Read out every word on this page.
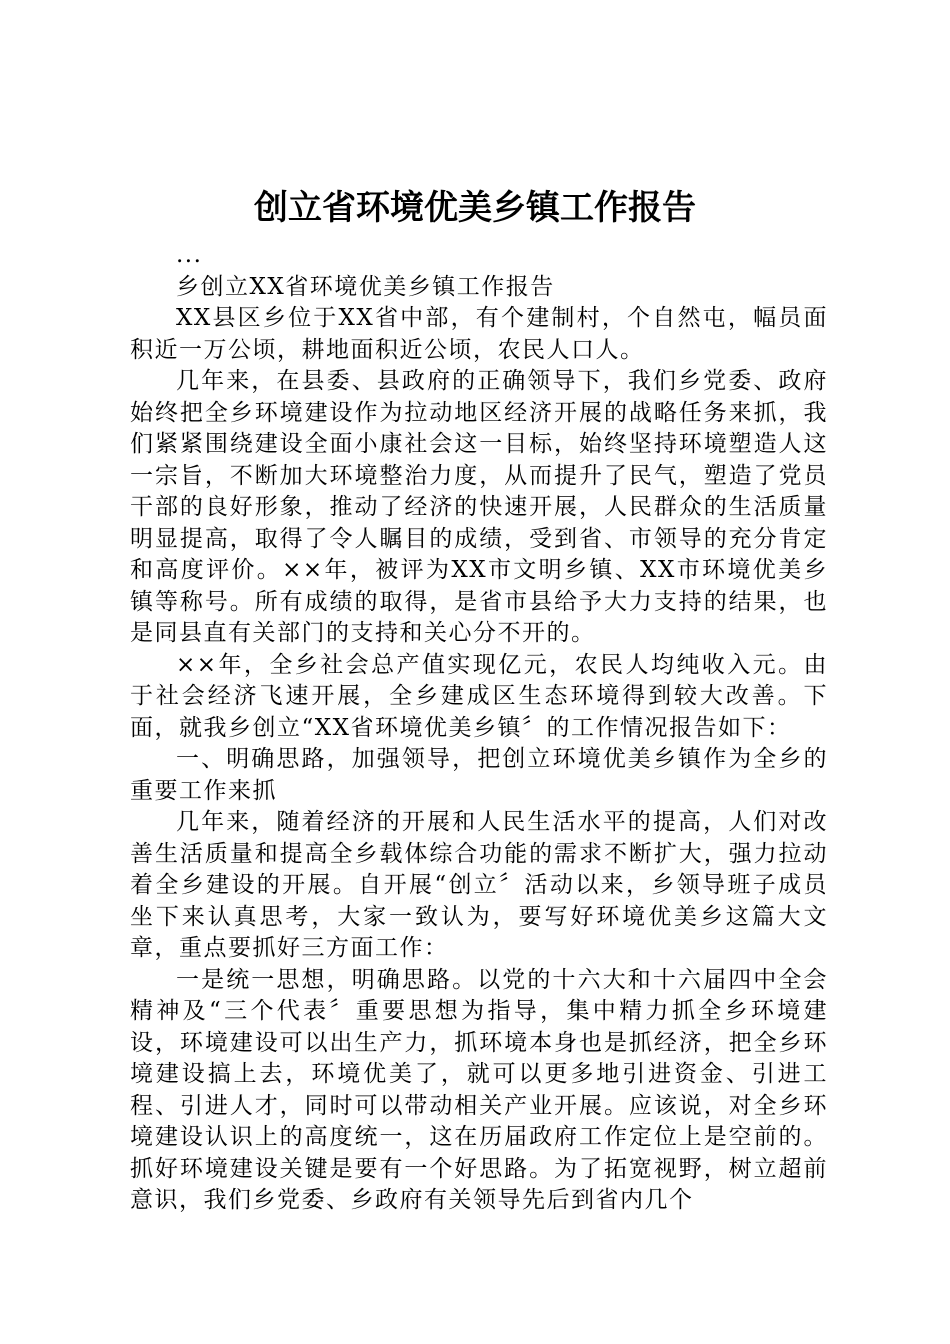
创立省环境优美乡镇工作报告

...

乡创立XX省环境优美乡镇工作报告

XX县区乡位于XX省中部，有个建制村，个自然屯，幅员面积近一万公顷，耕地面积近公顷，农民人口人。

几年来，在县委、县政府的正确领导下，我们乡党委、政府始终把全乡环境建设作为拉动地区经济开展的战略任务来抓，我们紧紧围绕建设全面小康社会这一目标，始终坚持环境塑造人这一宗旨，不断加大环境整治力度，从而提升了民气，塑造了党员干部的良好形象，推动了经济的快速开展，人民群众的生活质量明显提高，取得了令人瞩目的成绩，受到省、市领导的充分肯定和高度评价。××年，被评为XX市文明乡镇、XX市环境优美乡镇等称号。所有成绩的取得，是省市县给予大力支持的结果，也是同县直有关部门的支持和关心分不开的。

××年，全乡社会总产值实现亿元，农民人均纯收入元。由于社会经济飞速开展，全乡建成区生态环境得到较大改善。下面，就我乡创立“XX省环境优美乡镇〞的工作情况报告如下：

一、明确思路，加强领导，把创立环境优美乡镇作为全乡的重要工作来抓

几年来，随着经济的开展和人民生活水平的提高，人们对改善生活质量和提高全乡载体综合功能的需求不断扩大，强力拉动着全乡建设的开展。自开展“创立〞活动以来，乡领导班子成员坐下来认真思考，大家一致认为，要写好环境优美乡这篇大文章，重点要抓好三方面工作：

一是统一思想，明确思路。以党的十六大和十六届四中全会精神及“三个代表〞重要思想为指导，集中精力抓全乡环境建设，环境建设可以出生产力，抓环境本身也是抓经济，把全乡环境建设搞上去，环境优美了，就可以更多地引进资金、引进工程、引进人才，同时可以带动相关产业开展。应该说，对全乡环境建设认识上的高度统一，这在历届政府工作定位上是空前的。抓好环境建设关键是要有一个好思路。为了拓宽视野，树立超前意识，我们乡党委、乡政府有关领导先后到省内几个
